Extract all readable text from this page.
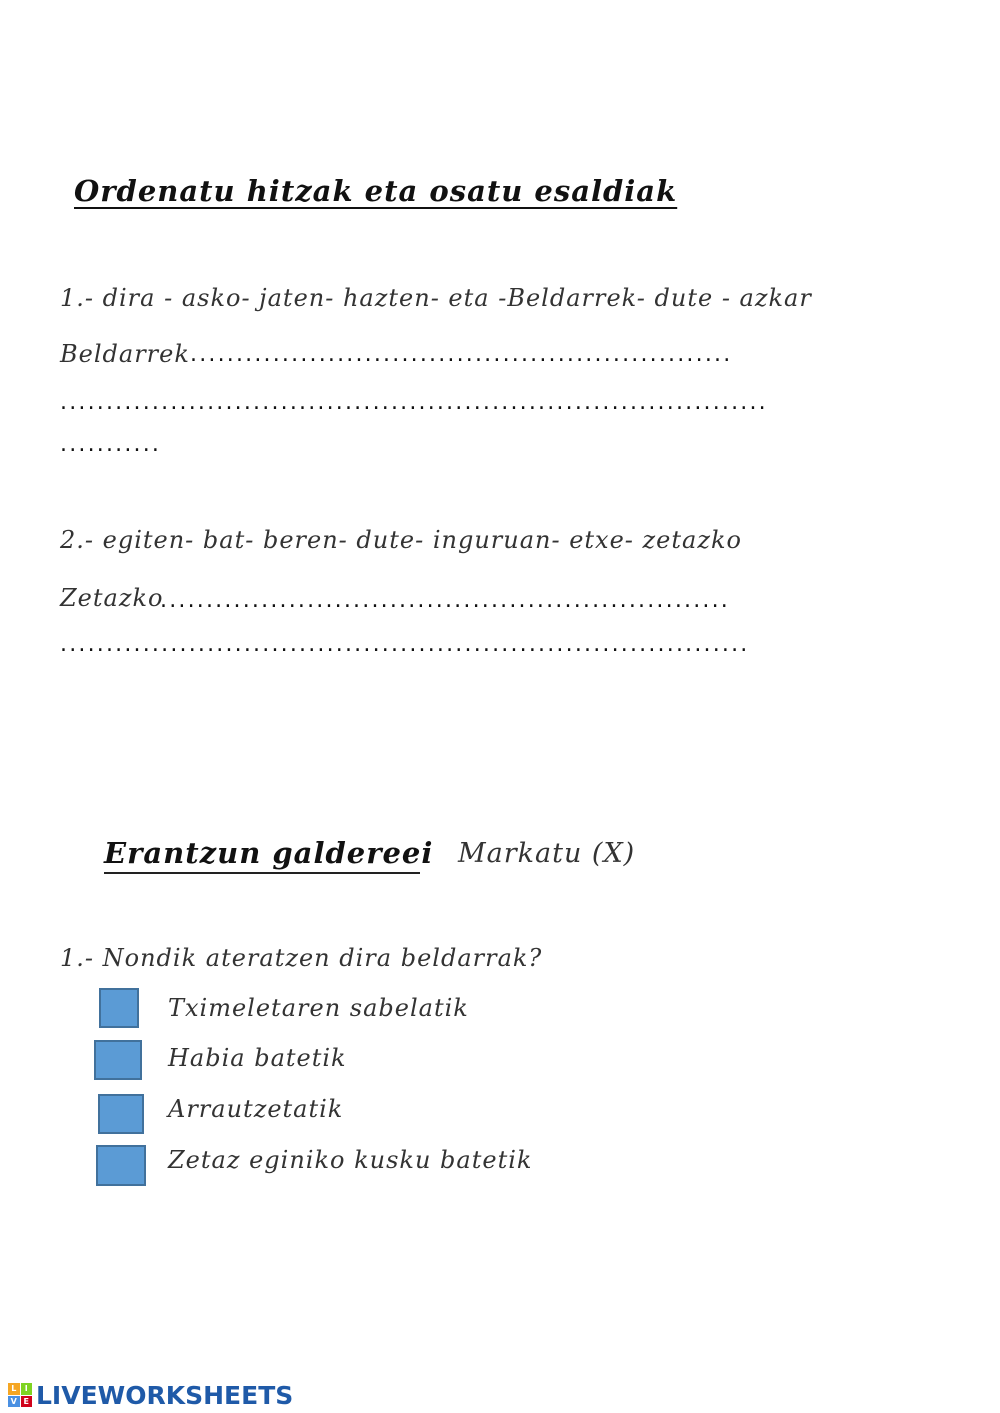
Ordenatu hitzak eta osatu esaldiak
1.- dira - asko- jaten- hazten- eta -Beldarrek- dute - azkar
Beldarrek ...........................................................
.............................................................................
...........
2.- egiten- bat- beren- dute- inguruan- etxe- zetazko
Zetazko
..............................................................
...........................................................................
Erantzun galdereei Markatu (X)
1.- Nondik ateratzen dira beldarrak?
Tximeletaren sabelatik
Habia batetik
Arrautzetatik
Zetaz eginiko kusku batetik
L	I
V E LIVEWORKSHEETS
